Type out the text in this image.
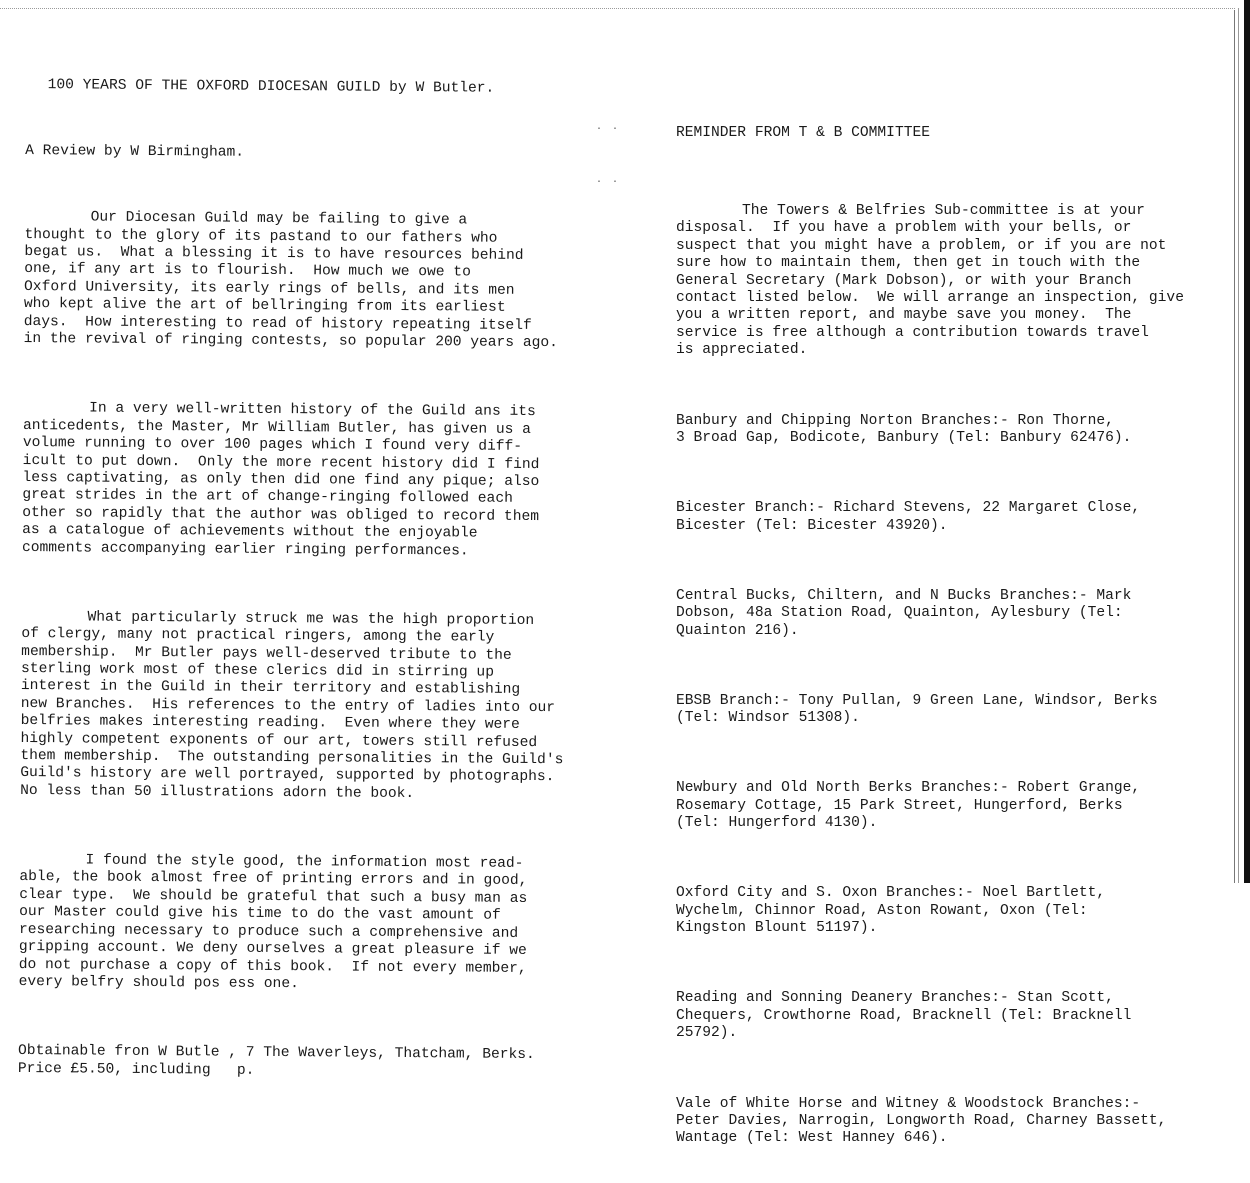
..
..

100 YEARS OF THE OXFORD DIOCESAN GUILD by W Butler.

A Review by W Birmingham.

Our Diocesan Guild may be failing to give a
thought to the glory of its pastand to our fathers who
begat us.  What a blessing it is to have resources behind
one, if any art is to flourish.  How much we owe to
Oxford University, its early rings of bells, and its men
who kept alive the art of bellringing from its earliest
days.  How interesting to read of history repeating itself
in the revival of ringing contests, so popular 200 years ago.

In a very well-written history of the Guild ans its
anticedents, the Master, Mr William Butler, has given us a
volume running to over 100 pages which I found very diff-
icult to put down.  Only the more recent history did I find
less captivating, as only then did one find any pique; also
great strides in the art of change-ringing followed each
other so rapidly that the author was obliged to record them
as a catalogue of achievements without the enjoyable
comments accompanying earlier ringing performances.

What particularly struck me was the high proportion
of clergy, many not practical ringers, among the early
membership.  Mr Butler pays well-deserved tribute to the
sterling work most of these clerics did in stirring up
interest in the Guild in their territory and establishing
new Branches.  His references to the entry of ladies into our
belfries makes interesting reading.  Even where they were
highly competent exponents of our art, towers still refused
them membership.  The outstanding personalities in the Guild's
Guild's history are well portrayed, supported by photographs.
No less than 50 illustrations adorn the book.

I found the style good, the information most read-
able, the book almost free of printing errors and in good,
clear type.  We should be grateful that such a busy man as
our Master could give his time to do the vast amount of
researching necessary to produce such a comprehensive and
gripping account. We deny ourselves a great pleasure if we
do not purchase a copy of this book.  If not every member,
every belfry should pos ess one.

Obtainable fron W Butle , 7 The Waverleys, Thatcham, Berks.
Price £5.50, including   p.

REMINDER FROM T & B COMMITTEE

The Towers & Belfries Sub-committee is at your
disposal.  If you have a problem with your bells, or
suspect that you might have a problem, or if you are not
sure how to maintain them, then get in touch with the
General Secretary (Mark Dobson), or with your Branch
contact listed below.  We will arrange an inspection, give
you a written report, and maybe save you money.  The
service is free although a contribution towards travel
is appreciated.

Banbury and Chipping Norton Branches:- Ron Thorne,
3 Broad Gap, Bodicote, Banbury (Tel: Banbury 62476).

Bicester Branch:- Richard Stevens, 22 Margaret Close,
Bicester (Tel: Bicester 43920).

Central Bucks, Chiltern, and N Bucks Branches:- Mark
Dobson, 48a Station Road, Quainton, Aylesbury (Tel:
Quainton 216).

EBSB Branch:- Tony Pullan, 9 Green Lane, Windsor, Berks
(Tel: Windsor 51308).

Newbury and Old North Berks Branches:- Robert Grange,
Rosemary Cottage, 15 Park Street, Hungerford, Berks
(Tel: Hungerford 4130).

Oxford City and S. Oxon Branches:- Noel Bartlett,
Wychelm, Chinnor Road, Aston Rowant, Oxon (Tel:
Kingston Blount 51197).

Reading and Sonning Deanery Branches:- Stan Scott,
Chequers, Crowthorne Road, Bracknell (Tel: Bracknell
25792).

Vale of White Horse and Witney & Woodstock Branches:-
Peter Davies, Narrogin, Longworth Road, Charney Bassett,
Wantage (Tel: West Hanney 646).
